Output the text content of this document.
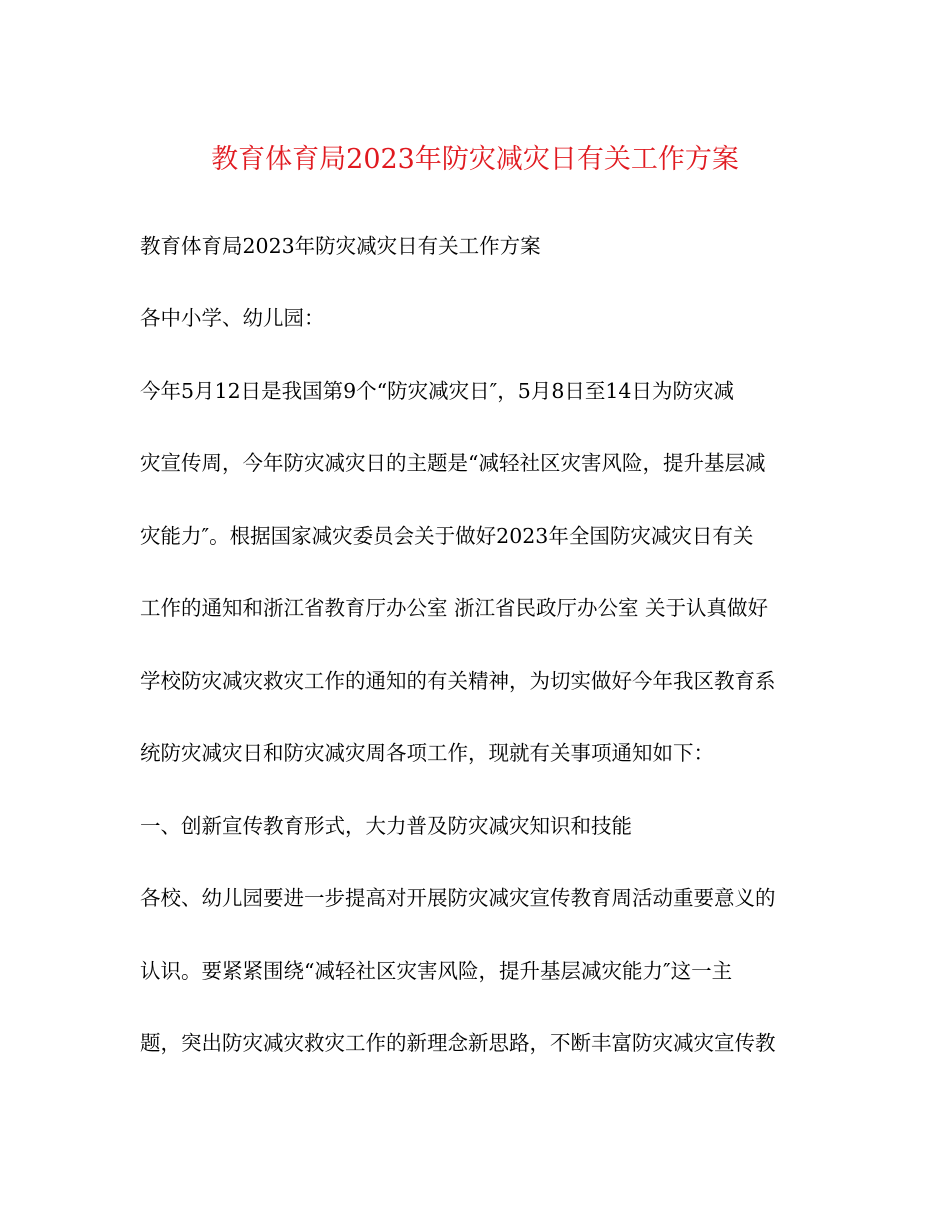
教育体育局2023年防灾减灾日有关工作方案
教育体育局2023年防灾减灾日有关工作方案
各中小学、幼儿园：
今年5月12日是我国第9个“防灾减灾日″，5月8日至14日为防灾减
灾宣传周，今年防灾减灾日的主题是“减轻社区灾害风险，提升基层减
灾能力″。根据国家减灾委员会关于做好2023年全国防灾减灾日有关
工作的通知和浙江省教育厅办公室 浙江省民政厅办公室 关于认真做好
学校防灾减灾救灾工作的通知的有关精神，为切实做好今年我区教育系
统防灾减灾日和防灾减灾周各项工作，现就有关事项通知如下：
一、创新宣传教育形式，大力普及防灾减灾知识和技能
各校、幼儿园要进一步提高对开展防灾减灾宣传教育周活动重要意义的
认识。要紧紧围绕“减轻社区灾害风险，提升基层减灾能力″这一主
题，突出防灾减灾救灾工作的新理念新思路，不断丰富防灾减灾宣传教
